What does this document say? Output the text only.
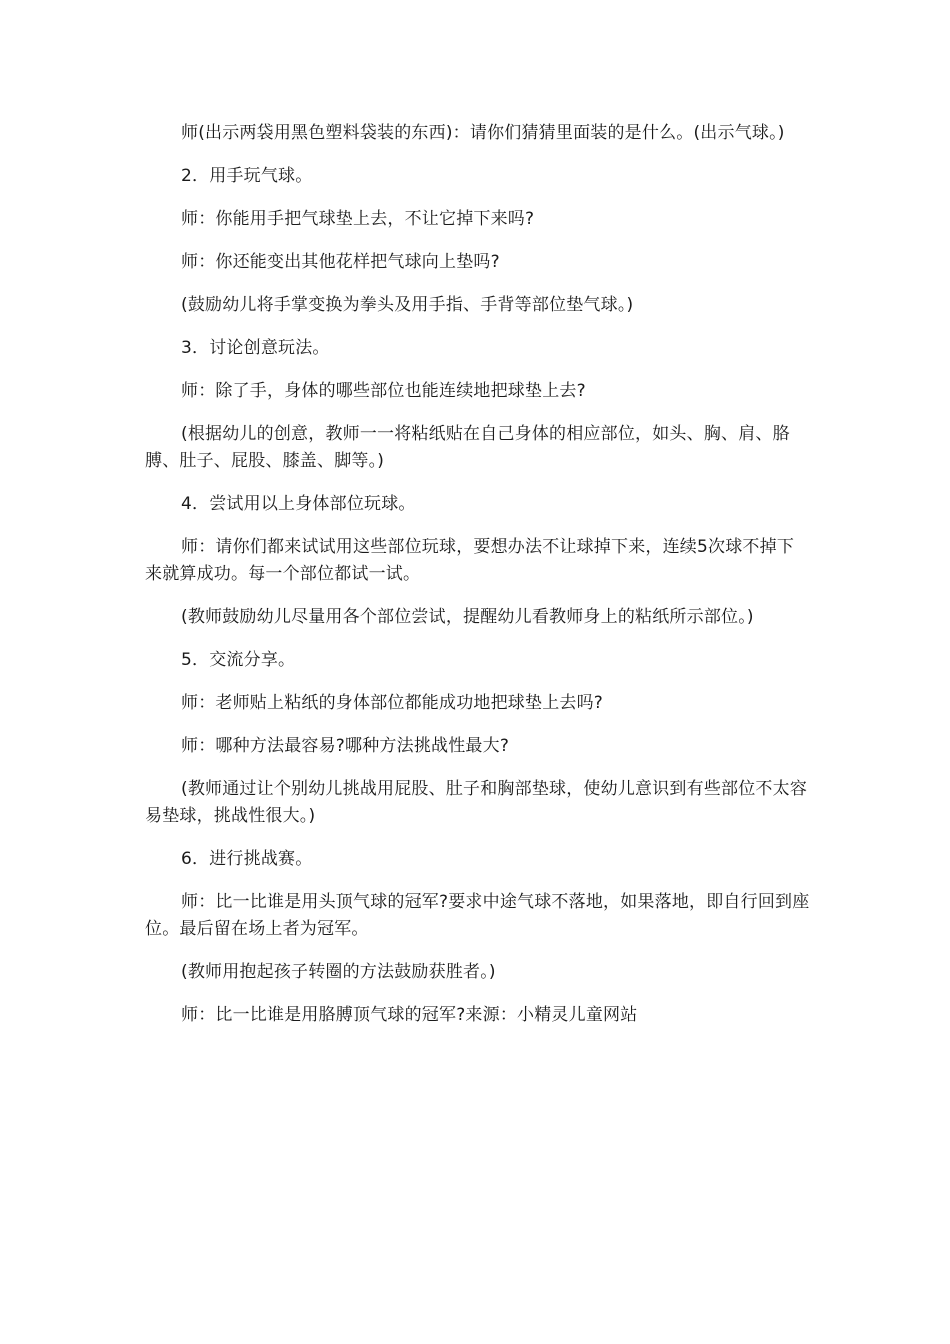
师(出示两袋用黑色塑料袋装的东西)：请你们猜猜里面装的是什么。(出示气球。)

2．用手玩气球。

师：你能用手把气球垫上去，不让它掉下来吗?

师：你还能变出其他花样把气球向上垫吗?

(鼓励幼儿将手掌变换为拳头及用手指、手背等部位垫气球。)

3．讨论创意玩法。

师：除了手，身体的哪些部位也能连续地把球垫上去?

(根据幼儿的创意，教师一一将粘纸贴在自己身体的相应部位，如头、胸、肩、胳膊、肚子、屁股、膝盖、脚等。)

4．尝试用以上身体部位玩球。

师：请你们都来试试用这些部位玩球，要想办法不让球掉下来，连续5次球不掉下来就算成功。每一个部位都试一试。

(教师鼓励幼儿尽量用各个部位尝试，提醒幼儿看教师身上的粘纸所示部位。)

5．交流分享。

师：老师贴上粘纸的身体部位都能成功地把球垫上去吗?

师：哪种方法最容易?哪种方法挑战性最大?

(教师通过让个别幼儿挑战用屁股、肚子和胸部垫球，使幼儿意识到有些部位不太容易垫球，挑战性很大。)

6．进行挑战赛。

师：比一比谁是用头顶气球的冠军?要求中途气球不落地，如果落地，即自行回到座位。最后留在场上者为冠军。

(教师用抱起孩子转圈的方法鼓励获胜者。)

师：比一比谁是用胳膊顶气球的冠军?来源：小精灵儿童网站
